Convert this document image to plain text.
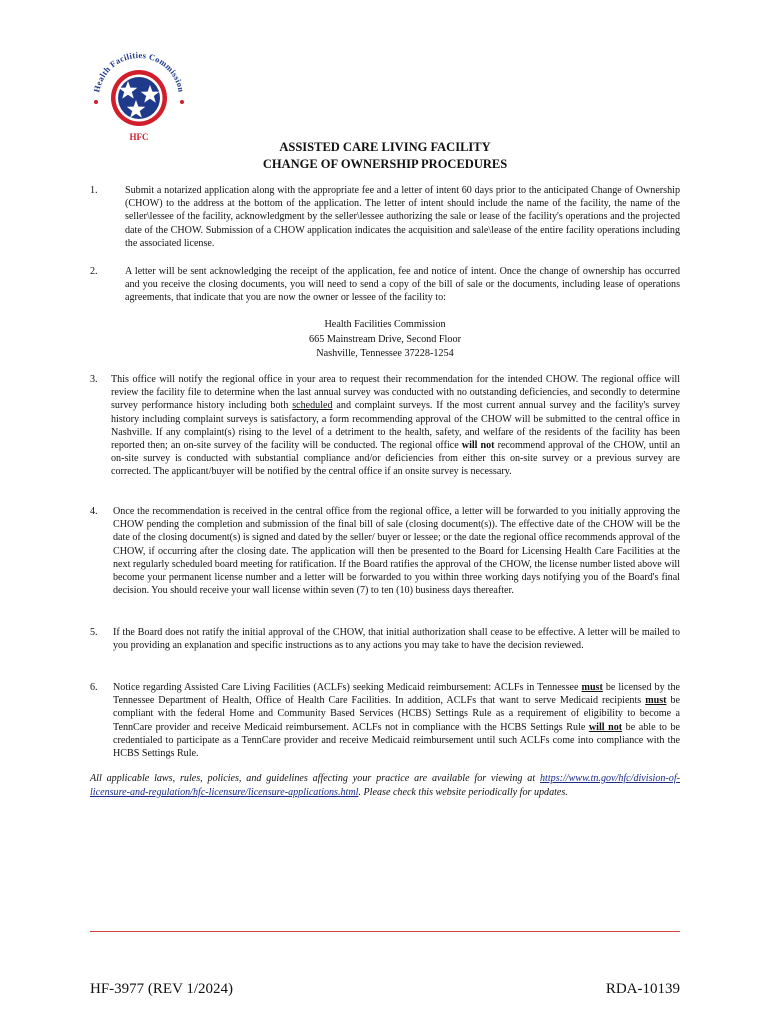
Health Facilities Commission
HFC
ASSISTED CARE LIVING FACILITY
CHANGE OF OWNERSHIP PROCEDURES
1.	Submit a notarized application along with the appropriate fee and a letter of intent 60 days prior to the anticipated Change of Ownership (CHOW) to the address at the bottom of the application. The letter of intent should include the name of the facility, the name of the seller\lessee of the facility, acknowledgment by the seller\lessee authorizing the sale or lease of the facility's operations and the projected date of the CHOW. Submission of a CHOW application indicates the acquisition and sale\lease of the entire facility operations including the associated license.
2.	A letter will be sent acknowledging the receipt of the application, fee and notice of intent. Once the change of ownership has occurred and you receive the closing documents, you will need to send a copy of the bill of sale or the documents, including lease of operations agreements, that indicate that you are now the owner or lessee of the facility to:
Health Facilities Commission
665 Mainstream Drive, Second Floor
Nashville, Tennessee 37228-1254
3. This office will notify the regional office in your area to request their recommendation for the intended CHOW. The regional office will review the facility file to determine when the last annual survey was conducted with no outstanding deficiencies, and secondly to determine survey performance history including both scheduled and complaint surveys. If the most current annual survey and the facility's survey history including complaint surveys is satisfactory, a form recommending approval of the CHOW will be submitted to the central office in Nashville. If any complaint(s) rising to the level of a detriment to the health, safety, and welfare of the residents of the facility has been reported then; an on-site survey of the facility will be conducted. The regional office will not recommend approval of the CHOW, until an on-site survey is conducted with substantial compliance and/or deficiencies from either this on-site survey or a previous survey are corrected. The applicant/buyer will be notified by the central office if an onsite survey is necessary.
4. Once the recommendation is received in the central office from the regional office, a letter will be forwarded to you initially approving the CHOW pending the completion and submission of the final bill of sale (closing document(s)). The effective date of the CHOW will be the date of the closing document(s) is signed and dated by the seller/ buyer or lessee; or the date the regional office recommends approval of the CHOW, if occurring after the closing date. The application will then be presented to the Board for Licensing Health Care Facilities at the next regularly scheduled board meeting for ratification. If the Board ratifies the approval of the CHOW, the license number listed above will become your permanent license number and a letter will be forwarded to you within three working days notifying you of the Board's final decision. You should receive your wall license within seven (7) to ten (10) business days thereafter.
5. If the Board does not ratify the initial approval of the CHOW, that initial authorization shall cease to be effective. A letter will be mailed to you providing an explanation and specific instructions as to any actions you may take to have the decision reviewed.
6. Notice regarding Assisted Care Living Facilities (ACLFs) seeking Medicaid reimbursement: ACLFs in Tennessee must be licensed by the Tennessee Department of Health, Office of Health Care Facilities. In addition, ACLFs that want to serve Medicaid recipients must be compliant with the federal Home and Community Based Services (HCBS) Settings Rule as a requirement of eligibility to become a TennCare provider and receive Medicaid reimbursement. ACLFs not in compliance with the HCBS Settings Rule will not be able to be credentialed to participate as a TennCare provider and receive Medicaid reimbursement until such ACLFs come into compliance with the HCBS Settings Rule.
All applicable laws, rules, policies, and guidelines affecting your practice are available for viewing at https://www.tn.gov/hfc/division-of-licensure-and-regulation/hfc-licensure/licensure-applications.html. Please check this website periodically for updates.
HF-3977 (REV 1/2024)	RDA-10139
